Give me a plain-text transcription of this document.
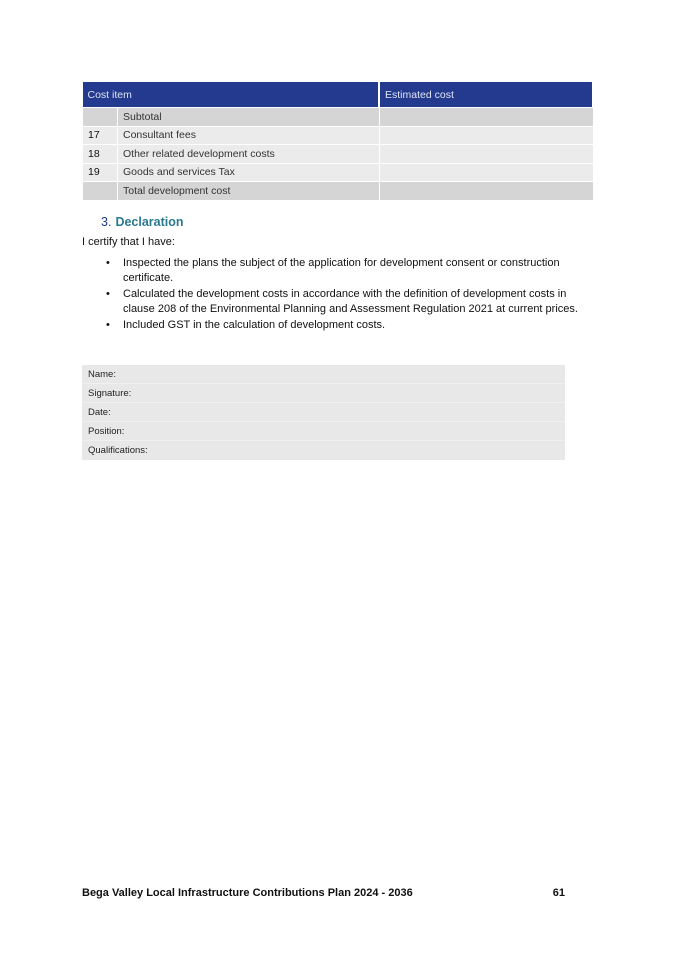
Cost item		Estimated cost
	Subtotal	
17	Consultant fees	
18	Other related development costs	
19	Goods and services Tax	
	Total development cost	
3. Declaration
I certify that I have:
• Inspected the plans the subject of the application for development consent or construction certificate.
• Calculated the development costs in accordance with the definition of development costs in clause 208 of the Environmental Planning and Assessment Regulation 2021 at current prices.
• Included GST in the calculation of development costs.
Name:
Signature:
Date:
Position:
Qualifications:
Bega Valley Local Infrastructure Contributions Plan 2024 - 2036	61
